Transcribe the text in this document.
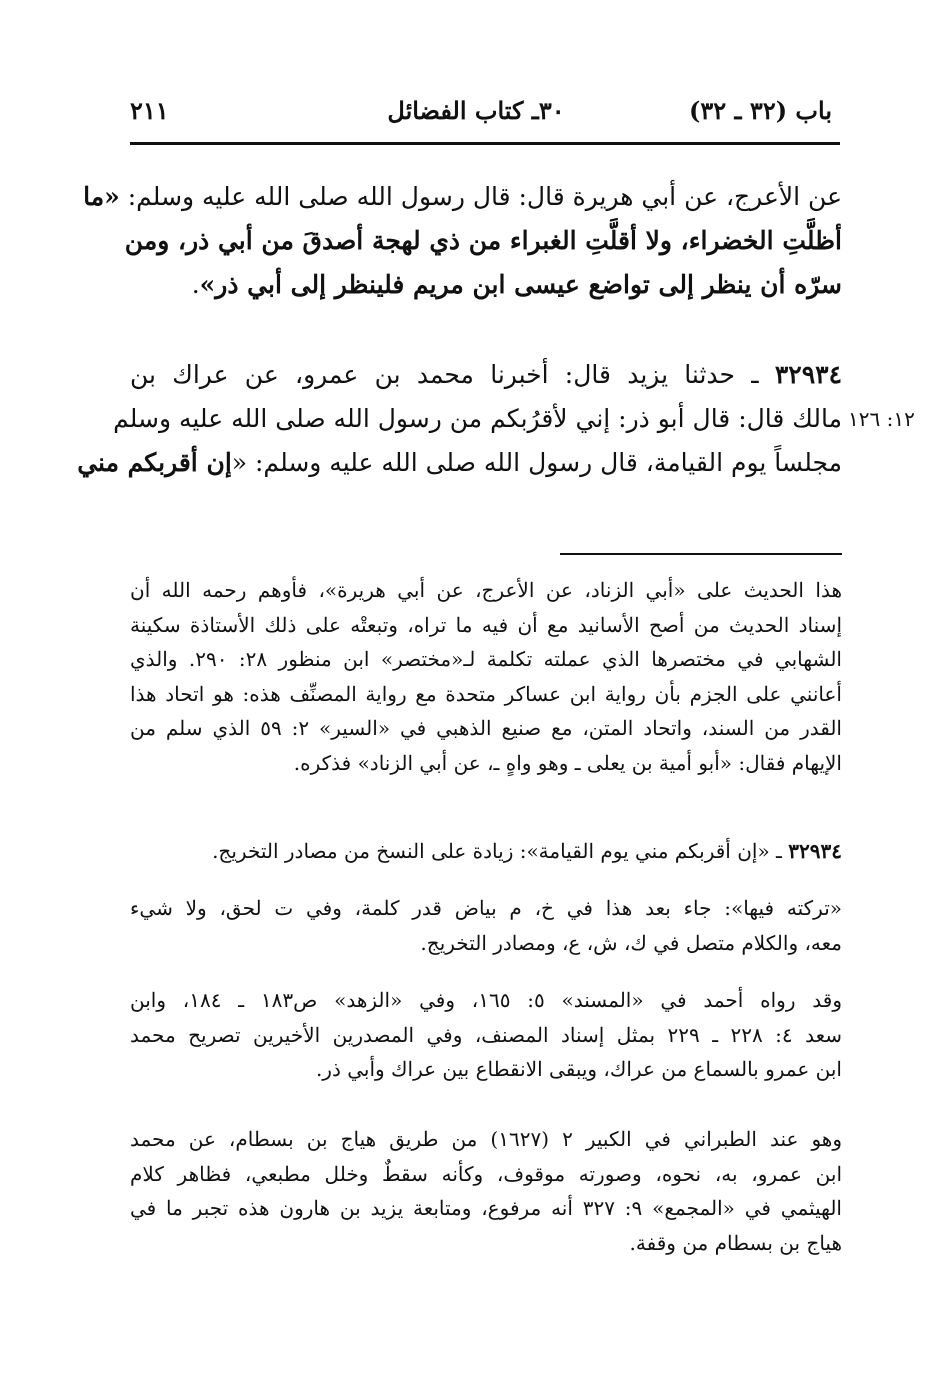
٢١١	٣٠ـ كتاب الفضائل	باب (٣٢ ـ ٣٢)
عن الأعرج، عن أبي هريرة قال: قال رسول الله صلى الله عليه وسلم: «ما
أظلَّتِ الخضراء، ولا أقلَّتِ الغبراء من ذي لهجة أصدقَ من أبي ذر، ومن
سرّه أن ينظر إلى تواضع عيسى ابن مريم فلينظر إلى أبي ذر».
٣٢٩٣٤ ـ حدثنا يزيد قال: أخبرنا محمد بن عمرو، عن عراك بن
مالك قال: قال أبو ذر: إني لأقرُبكم من رسول الله صلى الله عليه وسلم
مجلساً يوم القيامة، قال رسول الله صلى الله عليه وسلم: «إن أقربكم مني
١٢: ١٢٦
هذا الحديث على «أبي الزناد، عن الأعرج، عن أبي هريرة»، فأوهم رحمه الله أن
إسناد الحديث من أصح الأسانيد مع أن فيه ما تراه، وتبعتْه على ذلك الأستاذة سكينة
الشهابي في مختصرها الذي عملته تكلمة لـ«مختصر» ابن منظور ٢٨: ٢٩٠. والذي
أعانني على الجزم بأن رواية ابن عساكر متحدة مع رواية المصنِّف هذه: هو اتحاد هذا
القدر من السند، واتحاد المتن، مع صنيع الذهبي في «السير» ٢: ٥٩ الذي سلم من
الإيهام فقال: «أبو أمية بن يعلى ـ وهو واهٍ ـ، عن أبي الزناد» فذكره.
٣٢٩٣٤ ـ «إن أقربكم مني يوم القيامة»: زيادة على النسخ من مصادر التخريج.
«تركته فيها»: جاء بعد هذا في خ، م بياض قدر كلمة، وفي ت لحق، ولا شيء
معه، والكلام متصل في ك، ش، ع، ومصادر التخريج.
وقد رواه أحمد في «المسند» ٥: ١٦٥، وفي «الزهد» ص١٨٣ ـ ١٨٤، وابن
سعد ٤: ٢٢٨ ـ ٢٢٩ بمثل إسناد المصنف، وفي المصدرين الأخيرين تصريح محمد
ابن عمرو بالسماع من عراك، ويبقى الانقطاع بين عراك وأبي ذر.
وهو عند الطبراني في الكبير ٢ (١٦٢٧) من طريق هياج بن بسطام، عن محمد
ابن عمرو، به، نحوه، وصورته موقوف، وكأنه سقطٌ وخلل مطبعي، فظاهر كلام
الهيثمي في «المجمع» ٩: ٣٢٧ أنه مرفوع، ومتابعة يزيد بن هارون هذه تجبر ما في
هياج بن بسطام من وقفة.
